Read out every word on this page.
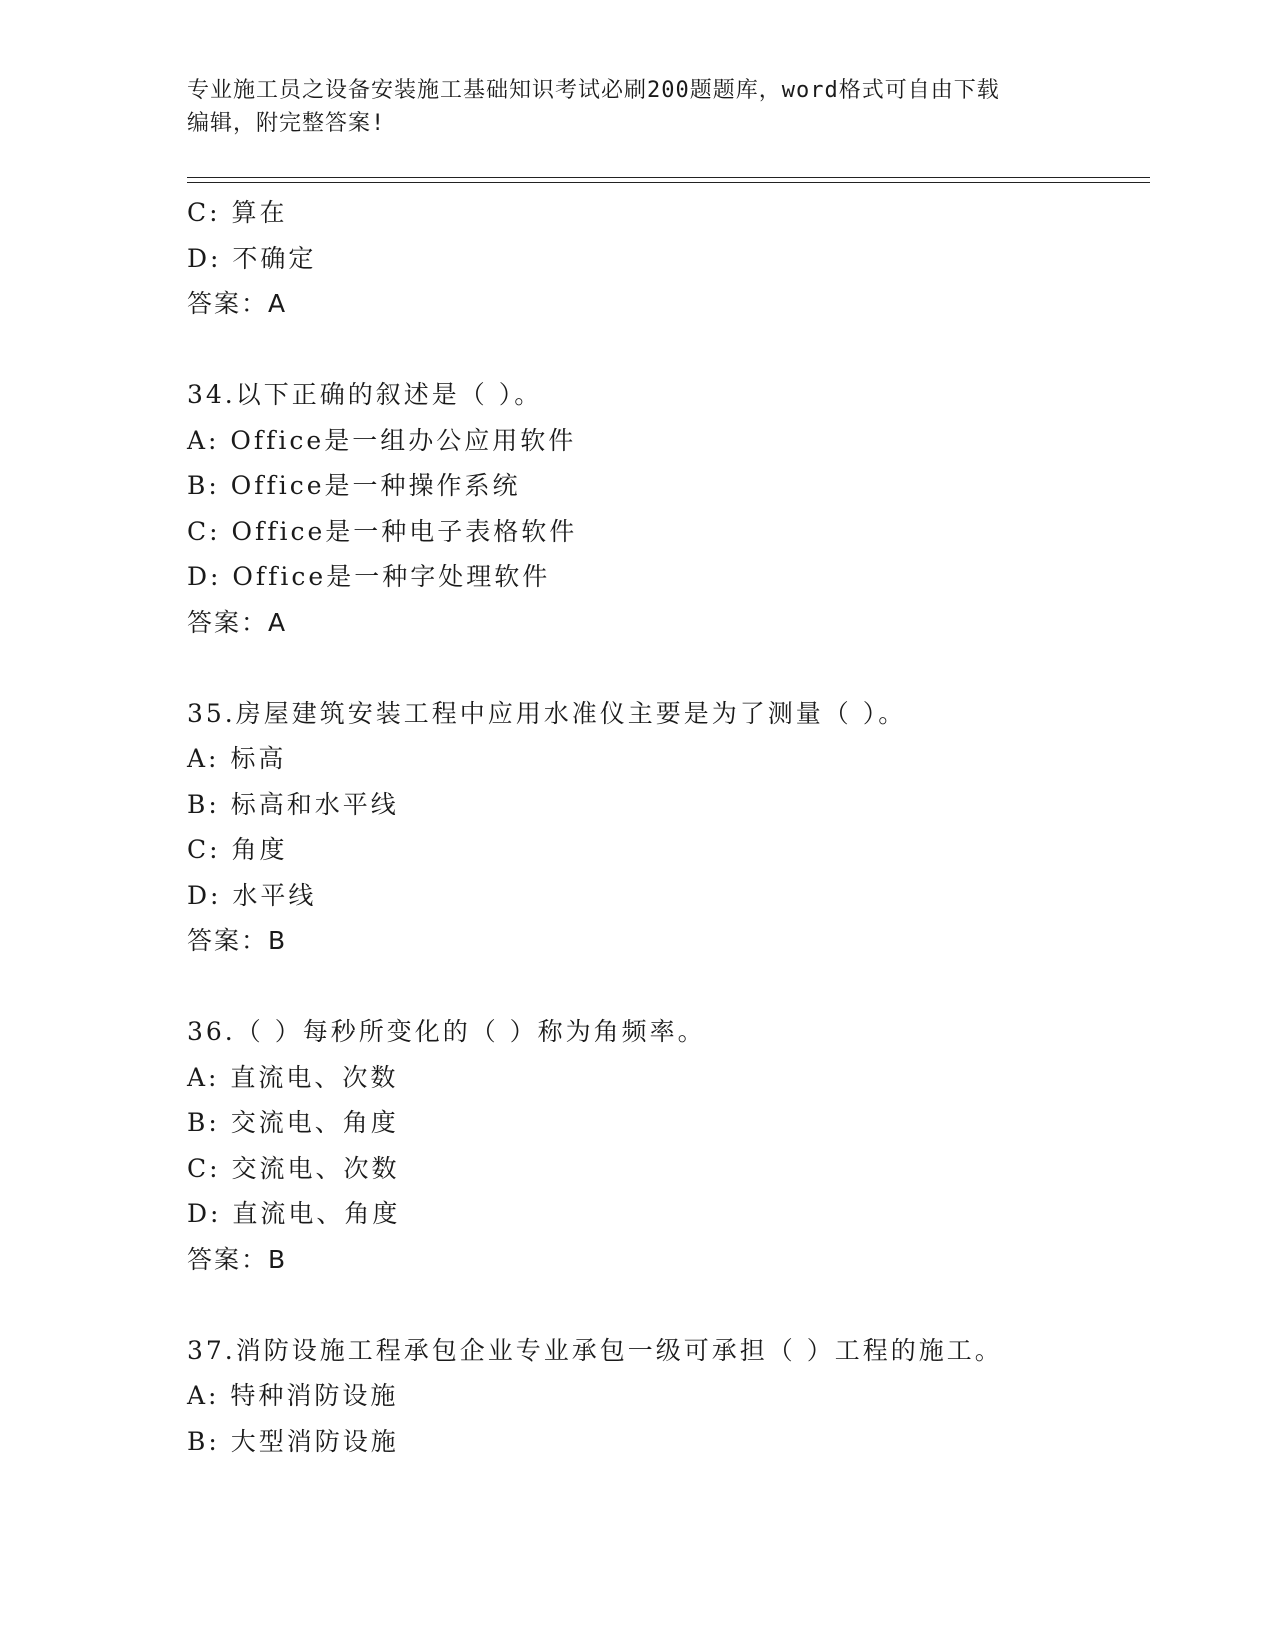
专业施工员之设备安装施工基础知识考试必刷200题题库，word格式可自由下载
编辑，附完整答案!
C: 算在
D: 不确定
答案：A
34.以下正确的叙述是（ ）。
A: Office是一组办公应用软件
B: Office是一种操作系统
C: Office是一种电子表格软件
D: Office是一种字处理软件
答案：A
35.房屋建筑安装工程中应用水准仪主要是为了测量（ ）。
A: 标高
B: 标高和水平线
C: 角度
D: 水平线
答案：B
36.（ ）每秒所变化的（ ）称为角频率。
A: 直流电、次数
B: 交流电、角度
C: 交流电、次数
D: 直流电、角度
答案：B
37.消防设施工程承包企业专业承包一级可承担（ ）工程的施工。
A: 特种消防设施
B: 大型消防设施
